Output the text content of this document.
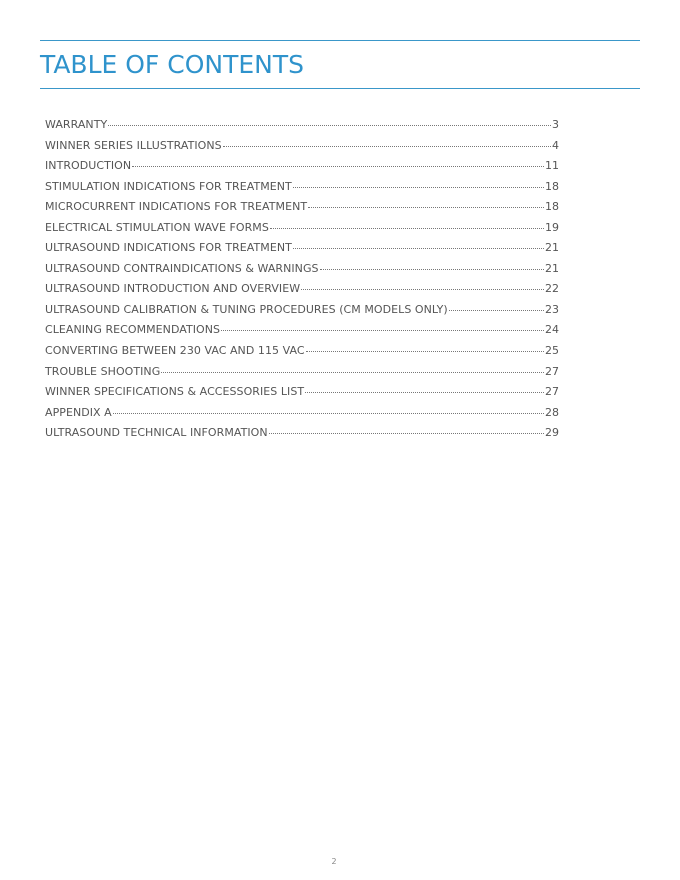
TABLE OF CONTENTS
WARRANTY	3
WINNER SERIES ILLUSTRATIONS	4
INTRODUCTION	11
STIMULATION INDICATIONS FOR TREATMENT	18
MICROCURRENT INDICATIONS FOR TREATMENT	18
ELECTRICAL STIMULATION WAVE FORMS	19
ULTRASOUND INDICATIONS FOR TREATMENT	21
ULTRASOUND CONTRAINDICATIONS & WARNINGS	21
ULTRASOUND INTRODUCTION AND OVERVIEW	22
ULTRASOUND CALIBRATION & TUNING PROCEDURES (CM MODELS ONLY)	23
CLEANING RECOMMENDATIONS	24
CONVERTING BETWEEN 230 VAC AND 115 VAC	25
TROUBLE SHOOTING	27
WINNER SPECIFICATIONS & ACCESSORIES LIST	27
APPENDIX A	28
ULTRASOUND TECHNICAL INFORMATION	29
2
